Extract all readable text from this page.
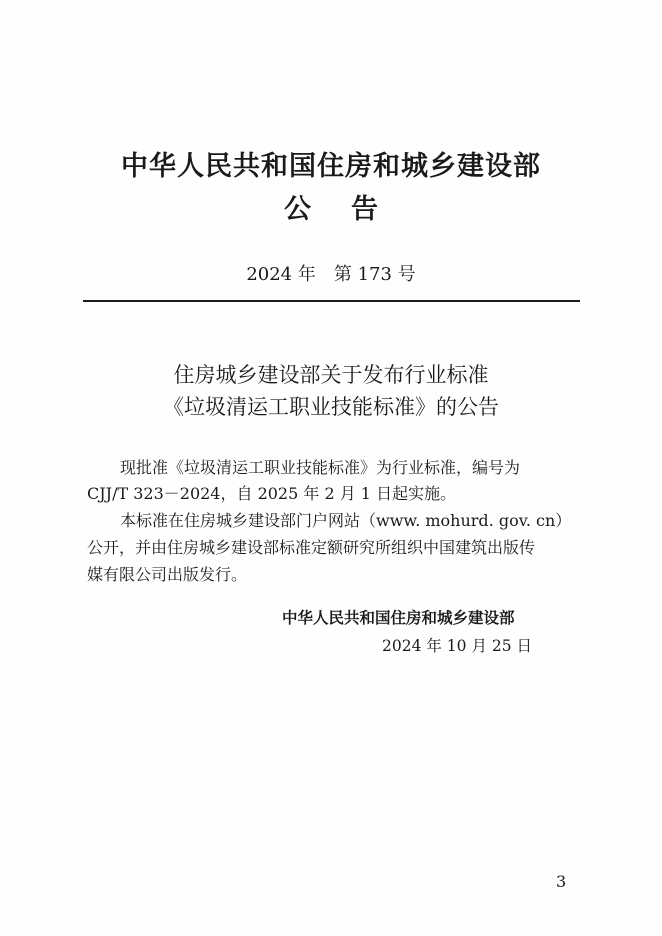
中华人民共和国住房和城乡建设部
公告
2024 年　第 173 号
住房城乡建设部关于发布行业标准
《垃圾清运工职业技能标准》的公告
现批准《垃圾清运工职业技能标准》为行业标准，编号为
CJJ/T 323－2024，自 2025 年 2 月 1 日起实施。
本标准在住房城乡建设部门户网站（www. mohurd. gov. cn）
公开，并由住房城乡建设部标准定额研究所组织中国建筑出版传
媒有限公司出版发行。
中华人民共和国住房和城乡建设部
2024 年 10 月 25 日
3
